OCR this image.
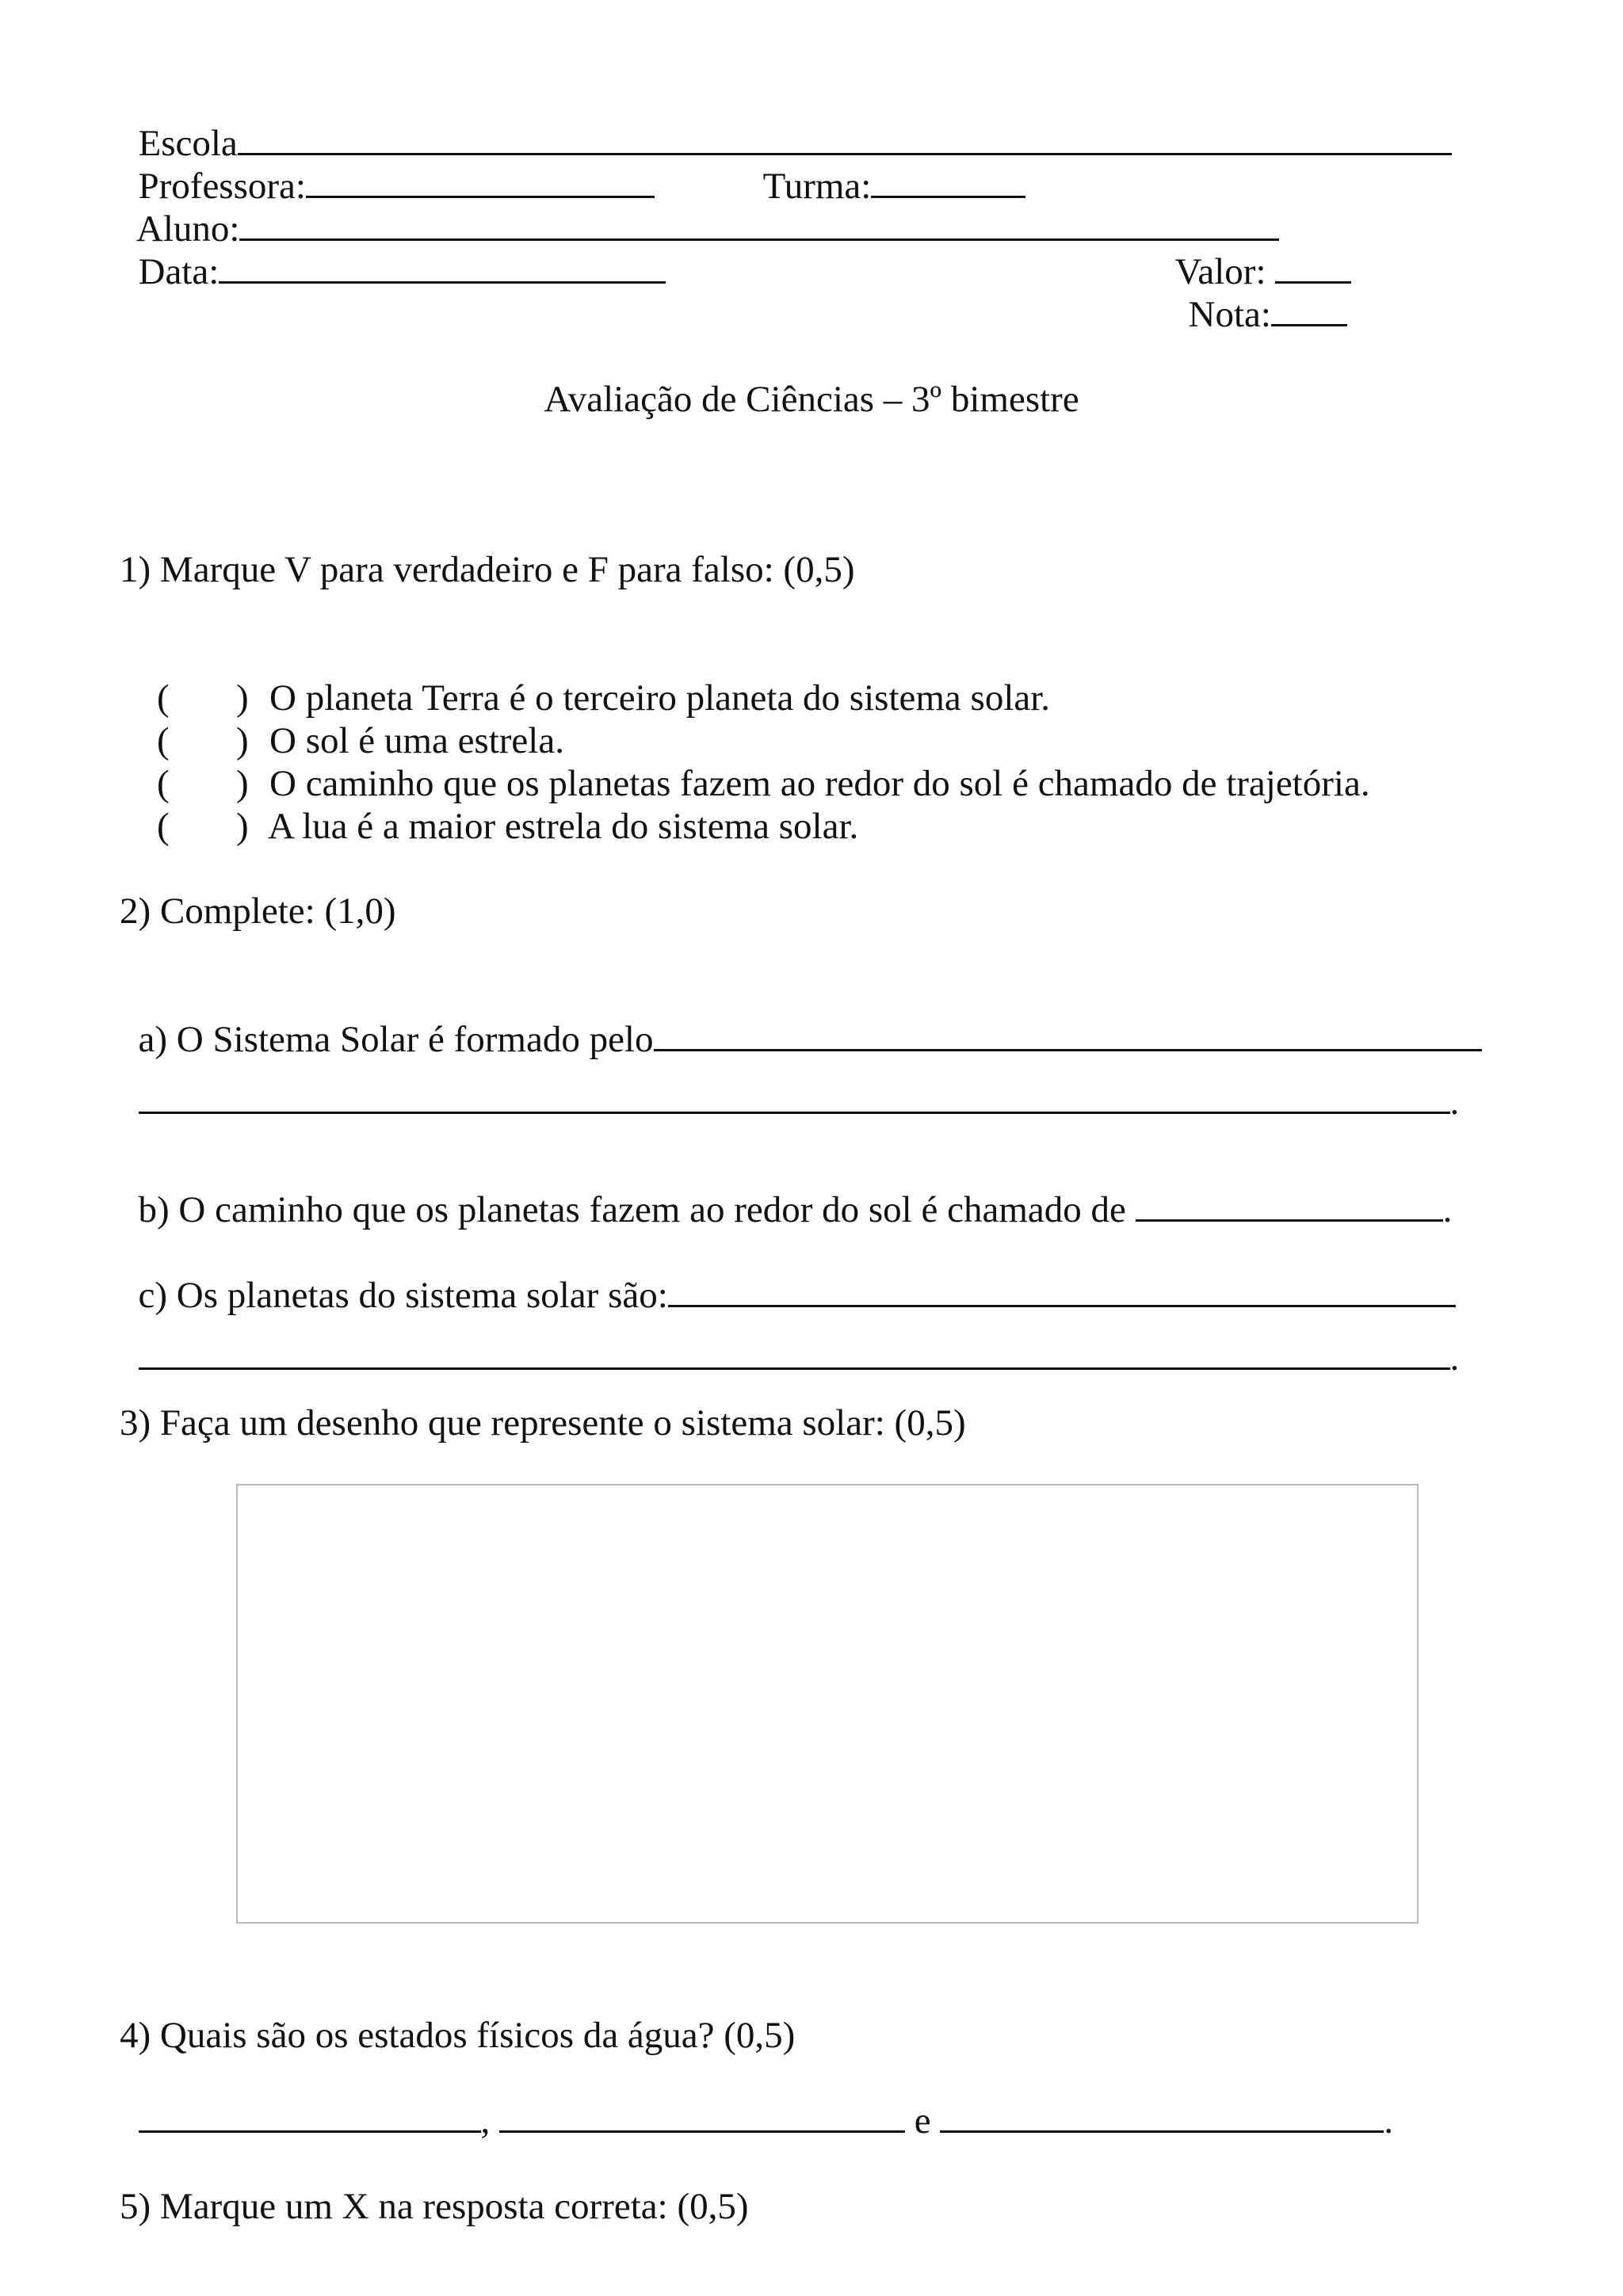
Escola

Professora:	Turma:

Aluno:

Data:	Valor:

Nota:

Avaliação de Ciências – 3º bimestre
1) Marque V para verdadeiro e F para falso: (0,5)

( ) O planeta Terra é o terceiro planeta do sistema solar.

( ) O sol é uma estrela.

( ) O caminho que os planetas fazem ao redor do sol é chamado de trajetória.

( ) A lua é a maior estrela do sistema solar.

2) Complete: (1,0)

a) O Sistema Solar é formado pelo

.

b) O caminho que os planetas fazem ao redor do sol é chamado de	.

c) Os planetas do sistema solar são:

.

3) Faça um desenho que represente o sistema solar: (0,5)
4) Quais são os estados físicos da água? (0,5)

,	e	.

5) Marque um X na resposta correta: (0,5)
